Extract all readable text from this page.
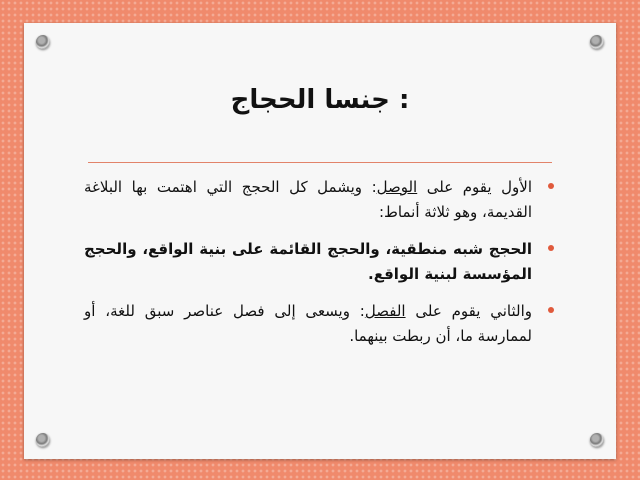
جنسا الحجاج :
الأول يقوم على الوصل: ويشمل كل الحجج التي اهتمت بها البلاغة القديمة، وهو ثلاثة أنماط:
الحجج شبه منطقية، والحجج القائمة على بنية الواقع، والحجج المؤسسة لبنية الواقع.
والثاني يقوم على الفصل: ويسعى إلى فصل عناصر سبق للغة، أو لممارسة ما، أن ربطت بينهما.
